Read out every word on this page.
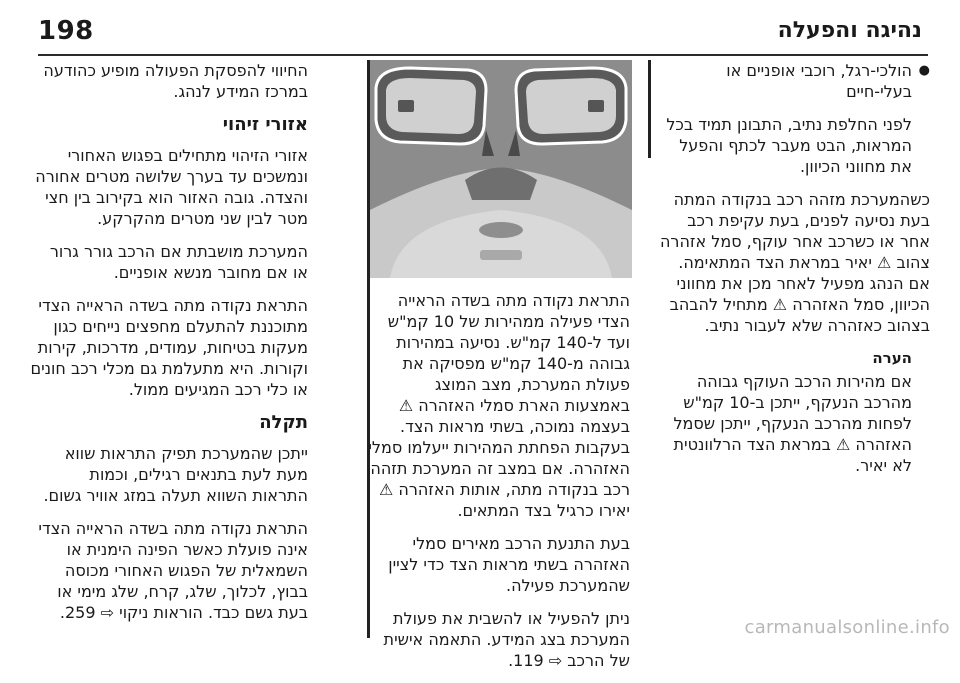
198	נהיגה והפעלה

● הולכי-רגל, רוכבי אופניים או בעלי-חיים

לפני החלפת נתיב, התבונן תמיד בכל המראות, הבט מעבר לכתף והפעל את מחווני הכיוון.

כשהמערכת מזהה רכב בנקודה המתה בעת נסיעה לפנים, בעת עקיפת רכב אחר או כשרכב אחר עוקף, סמל אזהרה צהוב ⚠ יאיר במראת הצד המתאימה. אם הנהג מפעיל לאחר מכן את מחווני הכיוון, סמל האזהרה ⚠ מתחיל להבהב בצהוב כאזהרה שלא לעבור נתיב.

הערה

אם מהירות הרכב העוקף גבוהה מהרכב הנעקף, ייתכן ב-10 קמ"ש לפחות מהרכב הנעקף, ייתכן שסמל האזהרה ⚠ במראת הצד הרלוונטית לא יאיר.

התראת נקודה מתה בשדה הראייה הצדי פעילה ממהירות של 10 קמ"ש ועד ל-140 קמ"ש. נסיעה במהירות גבוהה מ-140 קמ"ש מפסיקה את פעולת המערכת, מצב המוצג באמצעות הארת סמלי האזהרה ⚠ בעצמה נמוכה, בשתי מראות הצד. בעקבות הפחתת המהירות ייעלמו סמלי האזהרה. אם במצב זה המערכת תזהה רכב בנקודה מתה, אותות האזהרה ⚠ יאירו כרגיל בצד המתאים.

בעת התנעת הרכב מאירים סמלי האזהרה בשתי מראות הצד כדי לציין שהמערכת פעילה.

ניתן להפעיל או להשבית את פעולת המערכת בצג המידע. התאמה אישית של הרכב ⇨ 119.

החיווי להפסקת הפעולה מופיע כהודעה במרכז המידע לנהג.

אזורי זיהוי

אזורי הזיהוי מתחילים בפגוש האחורי ונמשכים עד בערך שלושה מטרים אחורה והצדה. גובה האזור הוא בקירוב בין חצי מטר לבין שני מטרים מהקרקע.

המערכת מושבתת אם הרכב גורר גרור או אם מחובר מנשא אופניים.

התראת נקודה מתה בשדה הראייה הצדי מתוכננת להתעלם מחפצים נייחים כגון מעקות בטיחות, עמודים, מדרכות, קירות וקורות. היא מתעלמת גם מכלי רכב חונים או כלי רכב המגיעים ממול.

תקלה

ייתכן שהמערכת תפיק התראות שווא מעת לעת בתנאים רגילים, וכמות התראות השווא תעלה במזג אוויר גשום.

התראת נקודה מתה בשדה הראייה הצדי אינה פועלת כאשר הפינה הימנית או השמאלית של הפגוש האחורי מכוסה בבוץ, לכלוך, שלג, קרח, שלג מימי או בעת גשם כבד. הוראות ניקוי ⇨ 259.

carmanualsonline.info
